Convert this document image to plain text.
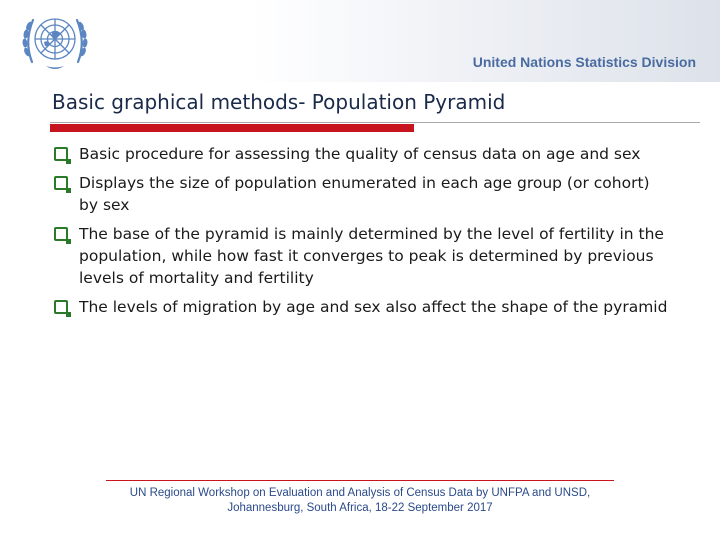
United Nations Statistics Division
Basic graphical methods- Population Pyramid
Basic procedure for assessing the quality of census data on age and sex
Displays the size of population enumerated in each age group (or cohort) by sex
The base of the pyramid is mainly determined by the level of fertility in the population, while how fast it converges to peak is determined by previous levels of mortality and fertility
The levels of migration by age and sex also affect the shape of the pyramid
UN Regional Workshop on Evaluation and Analysis of Census Data by UNFPA and UNSD,
Johannesburg, South Africa, 18-22 September 2017
